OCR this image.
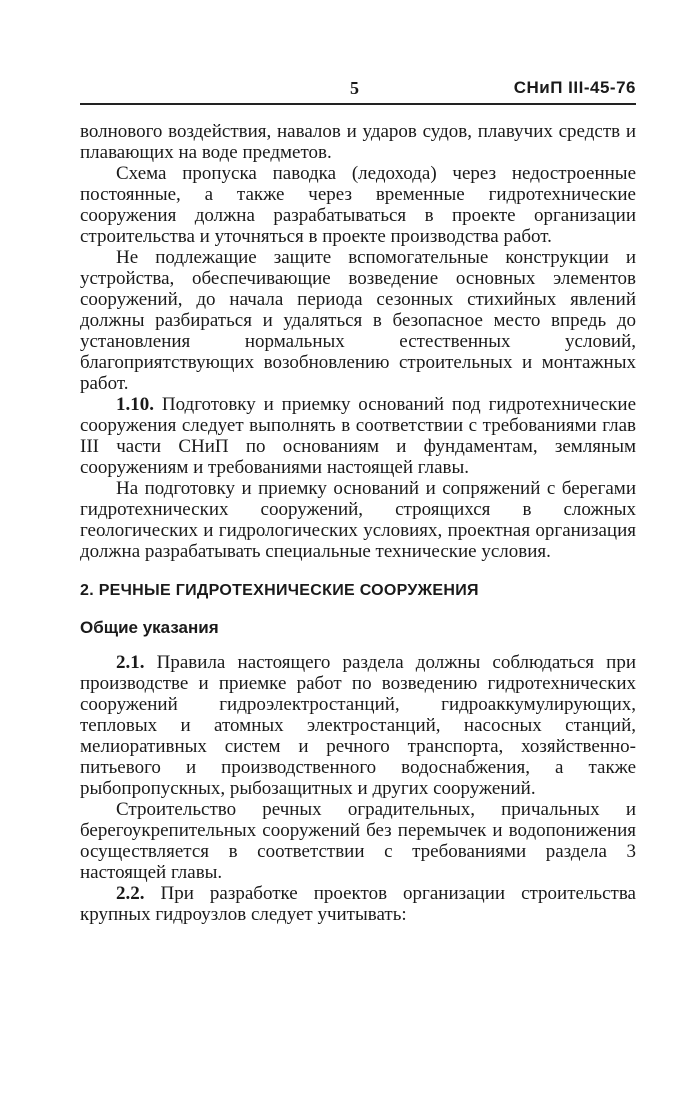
5	СНиП III-45-76

волнового воздействия, навалов и ударов судов, плавучих средств и плавающих на воде предметов.

Схема пропуска паводка (ледохода) через недостроенные постоянные, а также через временные гидротехнические сооружения должна разрабатываться в проекте организации строительства и уточняться в проекте производства работ.

Не подлежащие защите вспомогательные конструкции и устройства, обеспечивающие возведение основных элементов сооружений, до начала периода сезонных стихийных явлений должны разбираться и удаляться в безопасное место впредь до установления нормальных естественных условий, благоприятствующих возобновлению строительных и монтажных работ.

1.10. Подготовку и приемку оснований под гидротехнические сооружения следует выполнять в соответствии с требованиями глав III части СНиП по основаниям и фундаментам, земляным сооружениям и требованиями настоящей главы.

На подготовку и приемку оснований и сопряжений с берегами гидротехнических сооружений, строящихся в сложных геологических и гидрологических условиях, проектная организация должна разрабатывать специальные технические условия.

2. РЕЧНЫЕ ГИДРОТЕХНИЧЕСКИЕ СООРУЖЕНИЯ

Общие указания

2.1. Правила настоящего раздела должны соблюдаться при производстве и приемке работ по возведению гидротехнических сооружений гидроэлектростанций, гидроаккумулирующих, тепловых и атомных электростанций, насосных станций, мелиоративных систем и речного транспорта, хозяйственно-питьевого и производственного водоснабжения, а также рыбопропускных, рыбозащитных и других сооружений.

Строительство речных оградительных, причальных и берегоукрепительных сооружений без перемычек и водопонижения осуществляется в соответствии с требованиями раздела 3 настоящей главы.

2.2. При разработке проектов организации строительства крупных гидроузлов следует учитывать:
